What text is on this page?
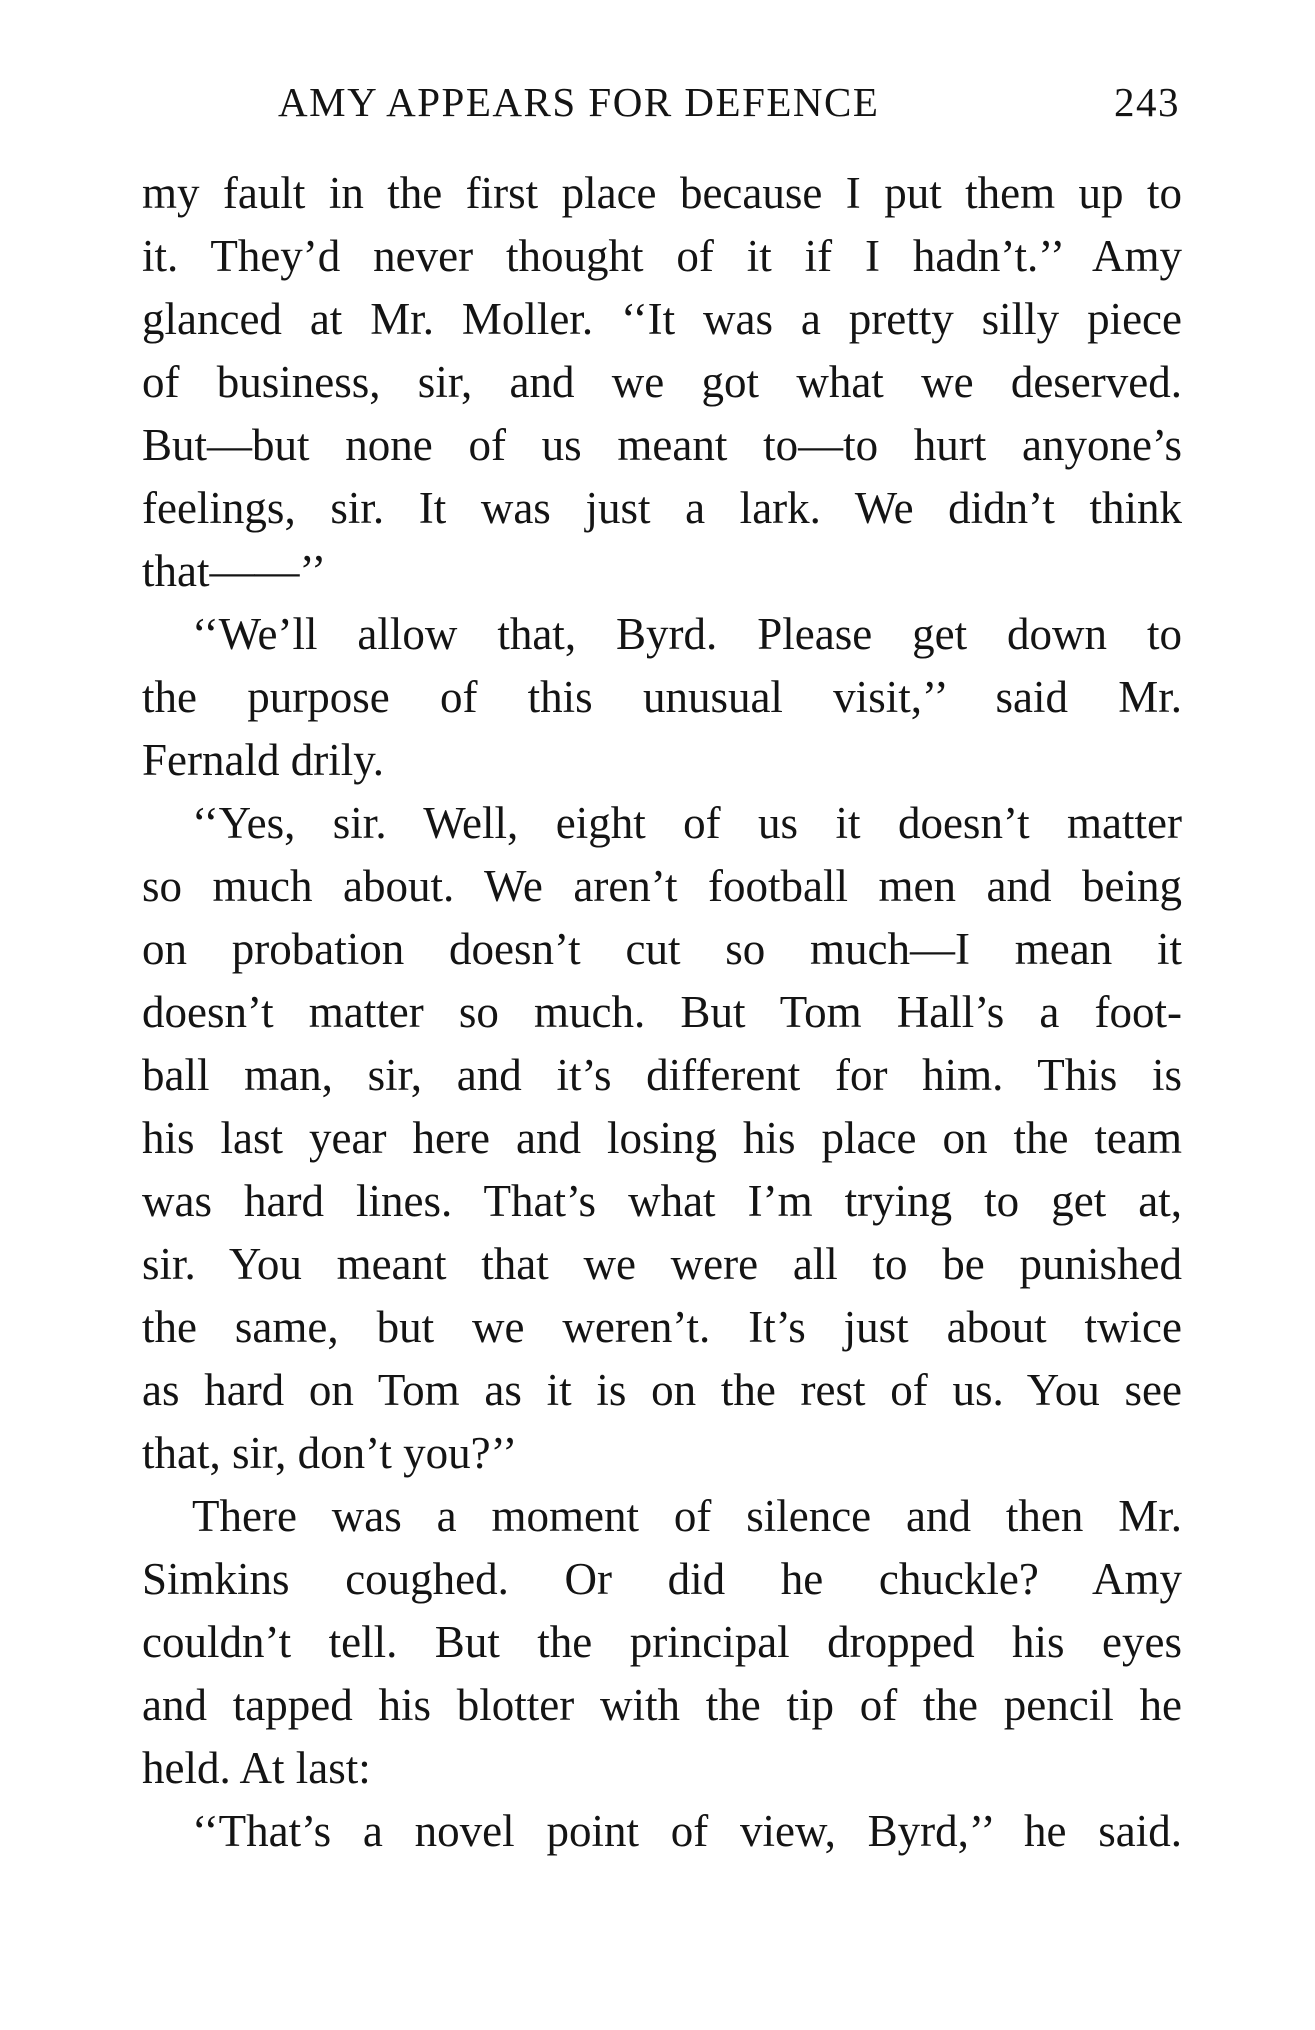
AMY APPEARS FOR DEFENCE	243
my fault in the first place because I put them up to
it. They’d never thought of it if I hadn’t.’’ Amy
glanced at Mr. Moller. ‘‘It was a pretty silly piece
of business, sir, and we got what we deserved.
But—but none of us meant to—to hurt anyone’s
feelings, sir. It was just a lark. We didn’t think
that——’’
‘‘We’ll allow that, Byrd. Please get down to
the purpose of this unusual visit,’’ said Mr.
Fernald drily.
‘‘Yes, sir. Well, eight of us it doesn’t matter
so much about. We aren’t football men and being
on probation doesn’t cut so much—I mean it
doesn’t matter so much. But Tom Hall’s a foot-
ball man, sir, and it’s different for him. This is
his last year here and losing his place on the team
was hard lines. That’s what I’m trying to get at,
sir. You meant that we were all to be punished
the same, but we weren’t. It’s just about twice
as hard on Tom as it is on the rest of us. You see
that, sir, don’t you?’’
There was a moment of silence and then Mr.
Simkins coughed. Or did he chuckle? Amy
couldn’t tell. But the principal dropped his eyes
and tapped his blotter with the tip of the pencil he
held. At last:
‘‘That’s a novel point of view, Byrd,’’ he said.
